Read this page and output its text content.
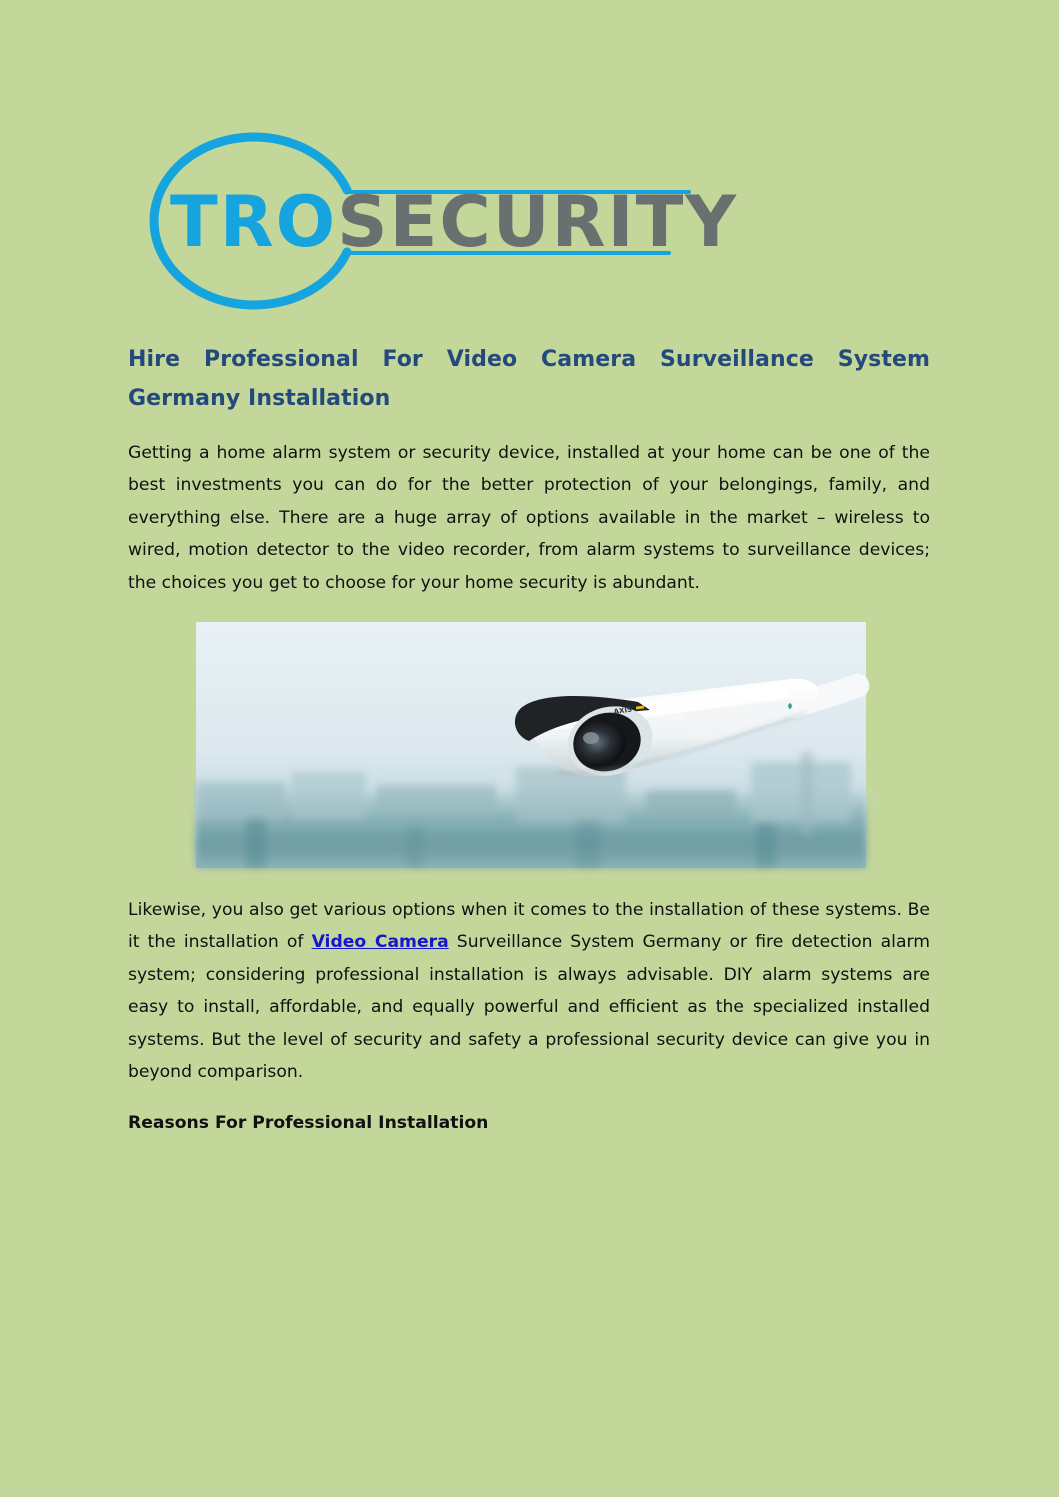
TROSECURITY
Hire Professional For Video Camera Surveillance System Germany Installation

Getting a home alarm system or security device, installed at your home can be one of the best investments you can do for the better protection of your belongings, family, and everything else. There are a huge array of options available in the market – wireless to wired, motion detector to the video recorder, from alarm systems to surveillance devices; the choices you get to choose for your home security is abundant.

AXIS

Likewise, you also get various options when it comes to the installation of these systems. Be it the installation of Video Camera Surveillance System Germany or fire detection alarm system; considering professional installation is always advisable. DIY alarm systems are easy to install, affordable, and equally powerful and efficient as the specialized installed systems. But the level of security and safety a professional security device can give you in beyond comparison.

Reasons For Professional Installation
